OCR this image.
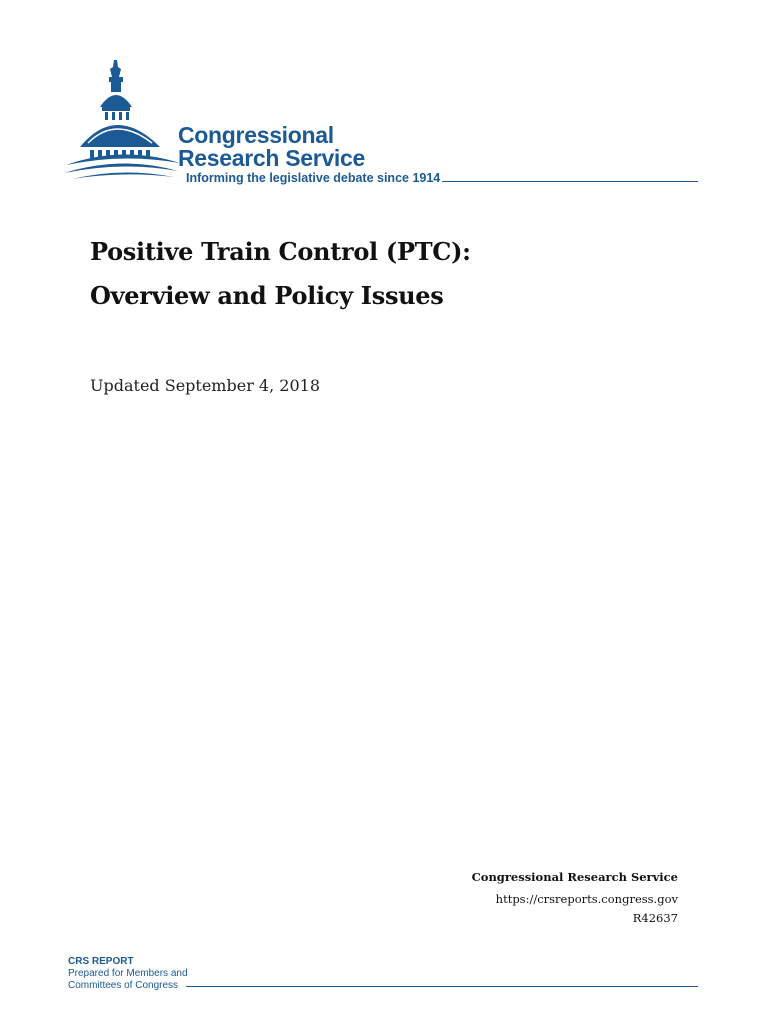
Congressional
Research Service
Informing the legislative debate since 1914
Positive Train Control (PTC):
Overview and Policy Issues
Updated September 4, 2018
Congressional Research Service
https://crsreports.congress.gov
R42637
CRS REPORT
Prepared for Members and
Committees of Congress
